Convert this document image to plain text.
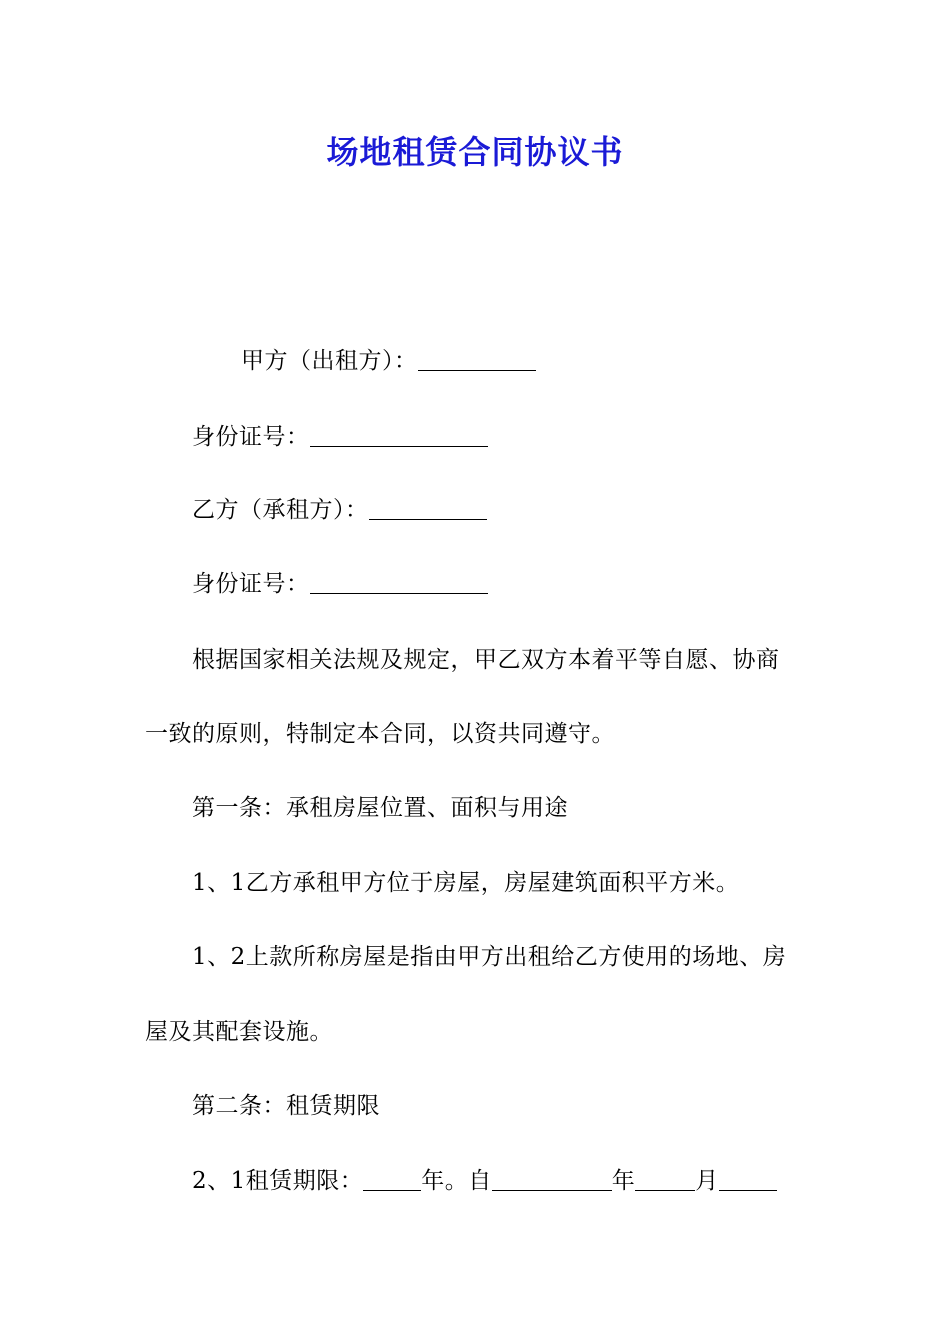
场地租赁合同协议书
甲方（出租方）：
身份证号：
乙方（承租方）：
身份证号：
根据国家相关法规及规定，甲乙双方本着平等自愿、协商
一致的原则，特制定本合同，以资共同遵守。
第一条：承租房屋位置、面积与用途
1、1乙方承租甲方位于房屋，房屋建筑面积平方米。
1、2上款所称房屋是指由甲方出租给乙方使用的场地、房
屋及其配套设施。
第二条：租赁期限
2、1租赁期限：	年。自	年	月
